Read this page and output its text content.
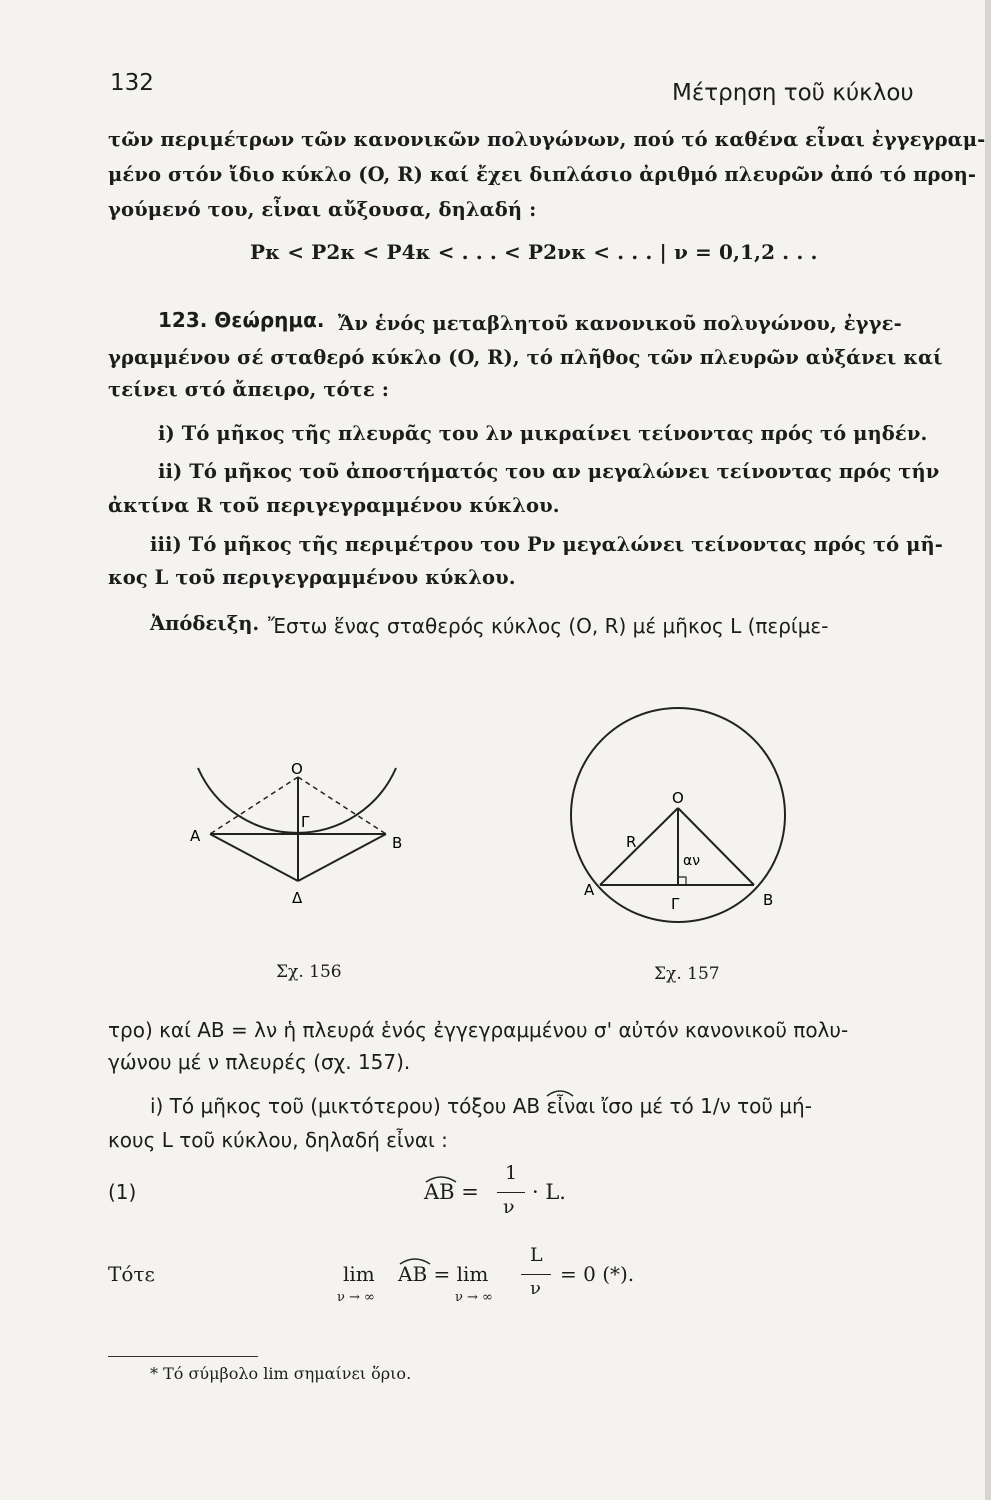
132	Μέτρηση τοῦ κύκλου
τῶν περιμέτρων τῶν κανονικῶν πολυγώνων, πού τό καθένα εἶναι ἐγγεγραμ-
μένο στόν ἴδιο κύκλο (O, R) καί ἔχει διπλάσιο ἀριθμό πλευρῶν ἀπό τό προη-
γούμενό του, εἶναι αὔξουσα, δηλαδή :
Pκ < P2κ < P4κ < . . . < P2νκ < . . . | ν = 0,1,2 . . .
123. Θεώρημα. Ἄν ἑνός μεταβλητοῦ κανονικοῦ πολυγώνου, ἐγγε-
γραμμένου σέ σταθερό κύκλο (O, R), τό πλῆθος τῶν πλευρῶν αὐξάνει καί
τείνει στό ἄπειρο, τότε :
i) Τό μῆκος τῆς πλευρᾶς του λν μικραίνει τείνοντας πρός τό μηδέν.
ii) Τό μῆκος τοῦ ἀποστήματός του αν μεγαλώνει τείνοντας πρός τήν
ἀκτίνα R τοῦ περιγεγραμμένου κύκλου.
iii) Τό μῆκος τῆς περιμέτρου του Pν μεγαλώνει τείνοντας πρός τό μῆ-
κος L τοῦ περιγεγραμμένου κύκλου.
Ἀπόδειξη. Ἔστω ἕνας σταθερός κύκλος (O, R) μέ μῆκος L (περίμε-
O
A	B
Γ
Δ
O
R
αν
A
B
Γ
Σχ. 156	Σχ. 157
τρο) καί AB = λν ἡ πλευρά ἑνός ἐγγεγραμμένου σ' αὐτόν κανονικοῦ πολυ-
γώνου μέ ν πλευρές (σχ. 157).
i) Τό μῆκος τοῦ (μικτότερου) τόξου AB εἶναι ἴσο μέ τό 1/ν τοῦ μή-
κους L τοῦ κύκλου, δηλαδή εἶναι :
(1)	AB =
1
ν
· L.
Τότε	lim
ν → ∞
AB = lim
ν → ∞
L
ν
= 0 (*).
* Τό σύμβολο lim σημαίνει ὅριο.
